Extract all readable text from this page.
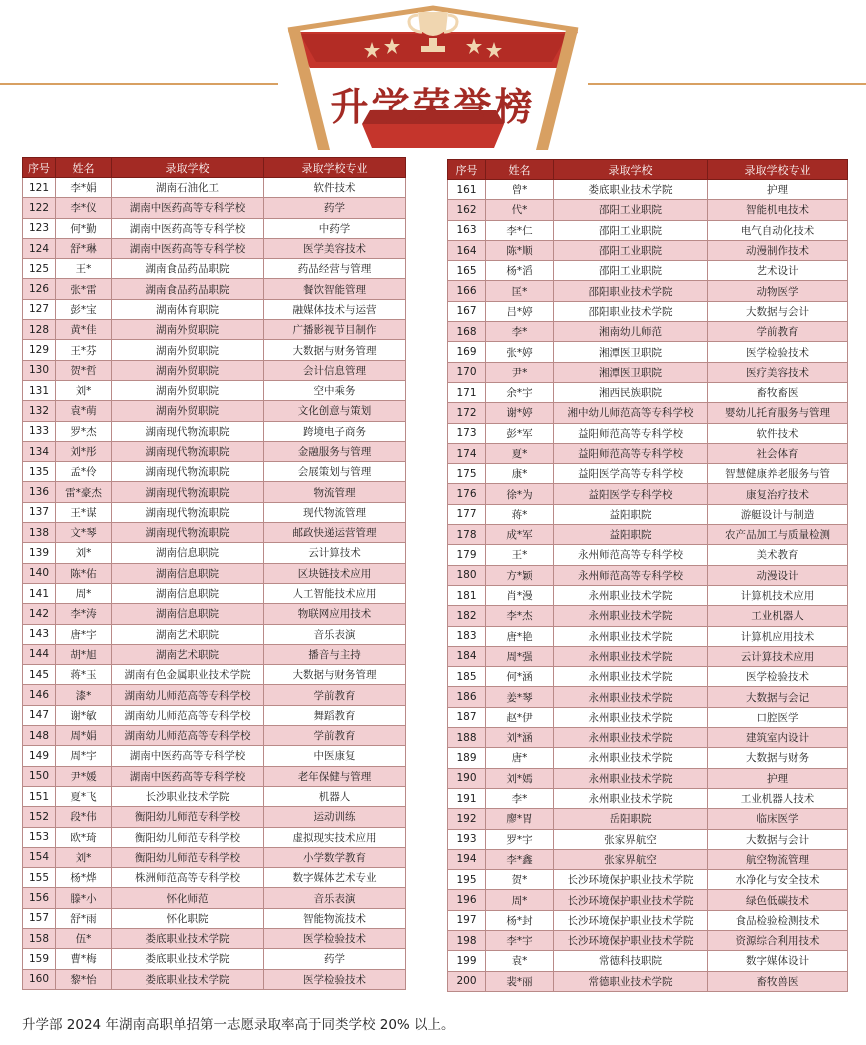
升学荣誉榜
序号	姓名	录取学校	录取学校专业
121	李*娟	湖南石油化工	软件技术
122	李*仪	湖南中医药高等专科学校	药学
123	何*勤	湖南中医药高等专科学校	中药学
124	舒*琳	湖南中医药高等专科学校	医学美容技术
125	王*	湖南食品药品职院	药品经营与管理
126	张*雷	湖南食品药品职院	餐饮智能管理
127	彭*宝	湖南体育职院	融媒体技术与运营
128	黄*佳	湖南外贸职院	广播影视节目制作
129	王*芬	湖南外贸职院	大数据与财务管理
130	贺*哲	湖南外贸职院	会计信息管理
131	刘*	湖南外贸职院	空中乘务
132	袁*萌	湖南外贸职院	文化创意与策划
133	罗*杰	湖南现代物流职院	跨境电子商务
134	刘*彤	湖南现代物流职院	金融服务与管理
135	孟*伶	湖南现代物流职院	会展策划与管理
136	雷*豪杰	湖南现代物流职院	物流管理
137	王*谋	湖南现代物流职院	现代物流管理
138	文*琴	湖南现代物流职院	邮政快递运营管理
139	刘*	湖南信息职院	云计算技术
140	陈*佑	湖南信息职院	区块链技术应用
141	周*	湖南信息职院	人工智能技术应用
142	李*涛	湖南信息职院	物联网应用技术
143	唐*宇	湖南艺术职院	音乐表演
144	胡*旭	湖南艺术职院	播音与主持
145	蒋*玉	湖南有色金属职业技术学院	大数据与财务管理
146	漆*	湖南幼儿师范高等专科学校	学前教育
147	谢*敏	湖南幼儿师范高等专科学校	舞蹈教育
148	周*娟	湖南幼儿师范高等专科学校	学前教育
149	周*宇	湖南中医药高等专科学校	中医康复
150	尹*媛	湖南中医药高等专科学校	老年保健与管理
151	夏*飞	长沙职业技术学院	机器人
152	段*伟	衡阳幼儿师范专科学校	运动训练
153	欧*琦	衡阳幼儿师范专科学校	虚拟现实技术应用
154	刘*	衡阳幼儿师范专科学校	小学数学教育
155	杨*烨	株洲师范高等专科学校	数字媒体艺术专业
156	滕*小	怀化师范	音乐表演
157	舒*雨	怀化职院	智能物流技术
158	伍*	娄底职业技术学院	医学检验技术
159	曹*梅	娄底职业技术学院	药学
160	黎*怡	娄底职业技术学院	医学检验技术
序号	姓名	录取学校	录取学校专业
161	曾*	娄底职业技术学院	护理
162	代*	邵阳工业职院	智能机电技术
163	李*仁	邵阳工业职院	电气自动化技术
164	陈*顺	邵阳工业职院	动漫制作技术
165	杨*滔	邵阳工业职院	艺术设计
166	匡*	邵阳职业技术学院	动物医学
167	吕*婷	邵阳职业技术学院	大数据与会计
168	李*	湘南幼儿师范	学前教育
169	张*婷	湘潭医卫职院	医学检验技术
170	尹*	湘潭医卫职院	医疗美容技术
171	余*宇	湘西民族职院	畜牧畜医
172	谢*婷	湘中幼儿师范高等专科学校	婴幼儿托育服务与管理
173	彭*军	益阳师范高等专科学校	软件技术
174	夏*	益阳师范高等专科学校	社会体育
175	康*	益阳医学高等专科学校	智慧健康养老服务与管
176	徐*为	益阳医学专科学校	康复治疗技术
177	蒋*	益阳职院	游艇设计与制造
178	成*军	益阳职院	农产品加工与质量检测
179	王*	永州师范高等专科学校	美术教育
180	方*颖	永州师范高等专科学校	动漫设计
181	肖*漫	永州职业技术学院	计算机技术应用
182	李*杰	永州职业技术学院	工业机器人
183	唐*艳	永州职业技术学院	计算机应用技术
184	周*强	永州职业技术学院	云计算技术应用
185	何*涵	永州职业技术学院	医学检验技术
186	姜*琴	永州职业技术学院	大数据与会记
187	赵*伊	永州职业技术学院	口腔医学
188	刘*涵	永州职业技术学院	建筑室内设计
189	唐*	永州职业技术学院	大数据与财务
190	刘*嫣	永州职业技术学院	护理
191	李*	永州职业技术学院	工业机器人技术
192	廖*胃	岳阳职院	临床医学
193	罗*宇	张家界航空	大数据与会计
194	李*鑫	张家界航空	航空物流管理
195	贺*	长沙环境保护职业技术学院	水净化与安全技术
196	周*	长沙环境保护职业技术学院	绿色低碳技术
197	杨*封	长沙环境保护职业技术学院	食品检验检测技术
198	李*宇	长沙环境保护职业技术学院	资源综合利用技术
199	袁*	常德科技职院	数字媒体设计
200	裴*丽	常德职业技术学院	畜牧兽医
升学部 2024 年湖南高职单招第一志愿录取率高于同类学校 20% 以上。
